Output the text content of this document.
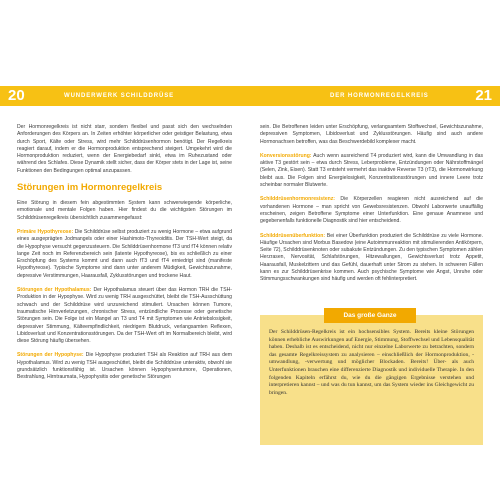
20	WUNDERWERK SCHILDDRÜSE	DER HORMONREGELKREIS	21

Der Hormonregelkreis ist nicht starr, sondern flexibel und passt sich den wechselnden Anforderungen des Körpers an. In Zeiten erhöhter körperlicher oder geistiger Belastung, etwa durch Sport, Kälte oder Stress, wird mehr Schilddrüsenhormon benötigt. Der Regelkreis reagiert darauf, indem er die Hormonproduktion entsprechend steigert. Umgekehrt wird die Hormonproduktion reduziert, wenn der Energiebedarf sinkt, etwa im Ruhezustand oder während des Schlafes. Diese Dynamik stellt sicher, dass der Körper stets in der Lage ist, seine Funktionen den Bedingungen optimal anzupassen.

Störungen im Hormonregelkreis

Eine Störung in diesem fein abgestimmten System kann schwerwiegende körperliche, emotionale und mentale Folgen haben. Hier findest du die wichtigsten Störungen im Schilddrüsenregelkreis übersichtlich zusammengefasst:

Primäre Hypothyreose: Die Schilddrüse selbst produziert zu wenig Hormone – etwa aufgrund eines ausgeprägten Jodmangels oder einer Hashimoto-Thyreoiditis. Der TSH-Wert steigt, da die Hypophyse versucht gegenzusteuern. Die Schilddrüsenhormone fT3 und fT4 können relativ lange Zeit noch im Referenzbereich sein (latente Hypothyreose), bis es schließlich zu einer Erschöpfung des Systems kommt und dann auch fT3 und fT4 erniedrigt sind (manifeste Hypothyreose). Typische Symptome sind dann unter anderem Müdigkeit, Gewichtszunahme, depressive Verstimmungen, Haarausfall, Zyklusstörungen und trockene Haut.

Störungen der Hypothalamus: Der Hypothalamus steuert über das Hormon TRH die TSH-Produktion in der Hypophyse. Wird zu wenig TRH ausgeschüttet, bleibt die TSH-Ausschüttung schwach und der Schilddrüse wird unzureichend stimuliert. Ursachen können Tumore, traumatische Hirnverletzungen, chronischer Stress, entzündliche Prozesse oder genetische Störungen sein. Die Folge ist ein Mangel an T3 und T4 mit Symptomen wie Antriebslosigkeit, depressiver Stimmung, Kälteempfindlichkeit, niedrigem Blutdruck, verlangsamten Reflexen, Libidoverlust und Konzentrationsstörungen. Da der TSH-Wert oft im Normalbereich bleibt, wird diese Störung häufig übersehen.

Störungen der Hypophyse: Die Hypophyse produziert TSH als Reaktion auf TRH aus dem Hypothalamus. Wird zu wenig TSH ausgeschüttet, bleibt die Schilddrüse unteraktiv, obwohl sie grundsätzlich funktionsfähig ist. Ursachen können Hypophysentumore, Operationen, Bestrahlung, Hirntraumata, Hypophysitis oder genetische Störungen

sein. Die Betroffenen leiden unter Erschöpfung, verlangsamtem Stoffwechsel, Gewichtszunahme, depressiven Symptomen, Libidoverlust und Zyklusstörungen. Häufig sind auch andere Hormonachsen betroffen, was das Beschwerdebild komplexer macht.

Konversionsstörung: Auch wenn ausreichend T4 produziert wird, kann die Umwandlung in das aktive T3 gestört sein – etwa durch Stress, Leberprobleme, Entzündungen oder Nährstoffmängel (Selen, Zink, Eisen). Statt T3 entsteht vermehrt das inaktive Reverse T3 (rT3), die Hormonwirkung bleibt aus. Die Folgen sind Energielosigkeit, Konzentrationsstörungen und innere Leere trotz scheinbar normaler Blutwerte.

Schilddrüsenhormonresistenz: Die Körperzellen reagieren nicht ausreichend auf die vorhandenen Hormone – man spricht von Gewebsresistenzen. Obwohl Laborwerte unauffällig erscheinen, zeigen Betroffene Symptome einer Unterfunktion. Eine genaue Anamnese und gegebenenfalls funktionelle Diagnostik sind hier entscheidend.

Schilddrüsenüberfunktion: Bei einer Überfunktion produziert die Schilddrüse zu viele Hormone. Häufige Ursachen sind Morbus Basedow (eine Autoimmunreaktion mit stimulierenden Antikörpern, Seite 72), Schilddrüsenknoten oder subakute Entzündungen. Zu den typischen Symptomen zählen Herzrasen, Nervosität, Schlafstörungen, Hitzewallungen, Gewichtsverlust trotz Appetit, Haarausfall, Muskelzittern und das Gefühl, dauerhaft unter Strom zu stehen. In schweren Fällen kann es zur Schilddrüsenkrise kommen. Auch psychische Symptome wie Angst, Unruhe oder Stimmungsschwankungen sind häufig und werden oft fehlinterpretiert.

Das große Ganze
Der Schilddrüsen-Regelkreis ist ein hochsensibles System. Bereits kleine Störungen können erhebliche Auswirkungen auf Energie, Stimmung, Stoffwechsel und Lebensqualität haben. Deshalb ist es entscheidend, nicht nur einzelne Laborwerte zu betrachten, sondern das gesamte Regelkreissystem zu analysieren – einschließlich der Hormonproduktion, -umwandlung, -verwertung und möglicher Blockaden. Bereits! Über- als auch Unterfunktionen brauchen eine differenzierte Diagnostik und individuelle Therapie. In den folgenden Kapiteln erfährst du, wie du die gängigen Ergebnisse verstehen und interpretieren kannst – und was du tun kannst, um das System wieder ins Gleichgewicht zu bringen.
